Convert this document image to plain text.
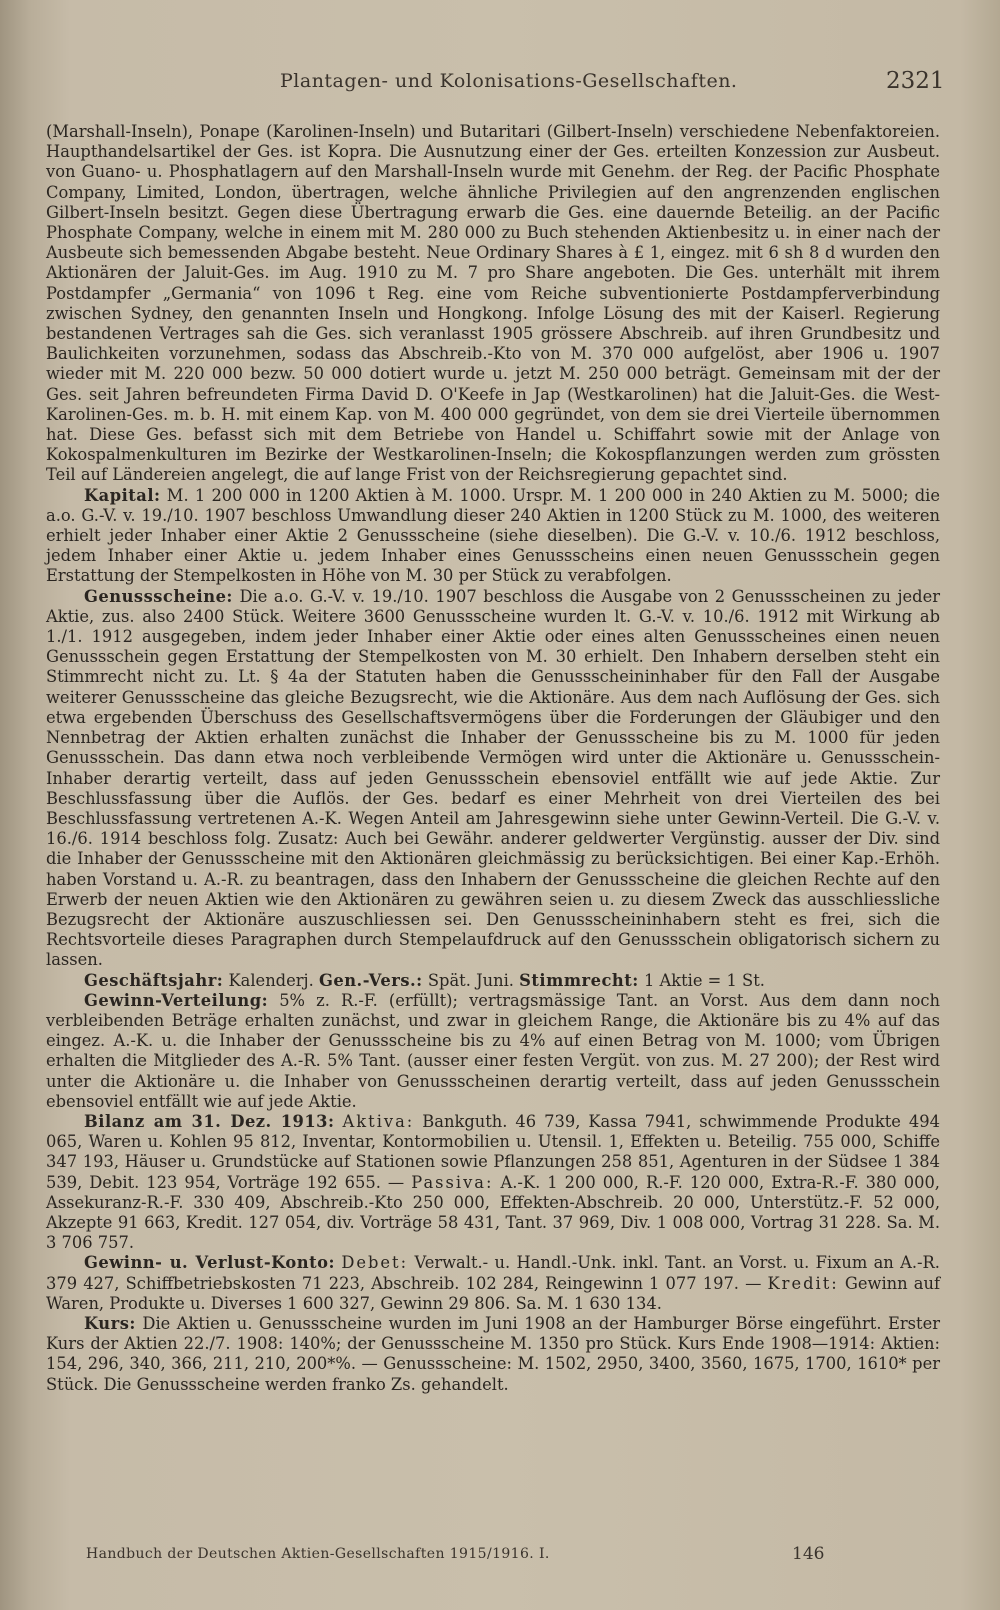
Plantagen- und Kolonisations-Gesellschaften.	2321

(Marshall-Inseln), Ponape (Karolinen-Inseln) und Butaritari (Gilbert-Inseln) verschiedene Nebenfaktoreien. Haupthandelsartikel der Ges. ist Kopra. Die Ausnutzung einer der Ges. erteilten Konzession zur Ausbeut. von Guano- u. Phosphatlagern auf den Marshall-Inseln wurde mit Genehm. der Reg. der Pacific Phosphate Company, Limited, London, übertragen, welche ähnliche Privilegien auf den angrenzenden englischen Gilbert-Inseln besitzt. Gegen diese Übertragung erwarb die Ges. eine dauernde Beteilig. an der Pacific Phosphate Company, welche in einem mit M. 280 000 zu Buch stehenden Aktienbesitz u. in einer nach der Ausbeute sich bemessenden Abgabe besteht. Neue Ordinary Shares à £ 1, eingez. mit 6 sh 8 d wurden den Aktionären der Jaluit-Ges. im Aug. 1910 zu M. 7 pro Share angeboten. Die Ges. unterhält mit ihrem Postdampfer „Germania“ von 1096 t Reg. eine vom Reiche subventionierte Postdampferverbindung zwischen Sydney, den genannten Inseln und Hongkong. Infolge Lösung des mit der Kaiserl. Regierung bestandenen Vertrages sah die Ges. sich veranlasst 1905 grössere Abschreib. auf ihren Grundbesitz und Baulichkeiten vorzunehmen, sodass das Abschreib.-Kto von M. 370 000 aufgelöst, aber 1906 u. 1907 wieder mit M. 220 000 bezw. 50 000 dotiert wurde u. jetzt M. 250 000 beträgt. Gemeinsam mit der der Ges. seit Jahren befreundeten Firma David D. O'Keefe in Jap (Westkarolinen) hat die Jaluit-Ges. die West-Karolinen-Ges. m. b. H. mit einem Kap. von M. 400 000 gegründet, von dem sie drei Vierteile übernommen hat. Diese Ges. befasst sich mit dem Betriebe von Handel u. Schiffahrt sowie mit der Anlage von Kokospalmenkulturen im Bezirke der Westkarolinen-Inseln; die Kokospflanzungen werden zum grössten Teil auf Ländereien angelegt, die auf lange Frist von der Reichsregierung gepachtet sind.

Kapital: M. 1 200 000 in 1200 Aktien à M. 1000. Urspr. M. 1 200 000 in 240 Aktien zu M. 5000; die a.o. G.-V. v. 19./10. 1907 beschloss Umwandlung dieser 240 Aktien in 1200 Stück zu M. 1000, des weiteren erhielt jeder Inhaber einer Aktie 2 Genussscheine (siehe dieselben). Die G.-V. v. 10./6. 1912 beschloss, jedem Inhaber einer Aktie u. jedem Inhaber eines Genussscheins einen neuen Genussschein gegen Erstattung der Stempelkosten in Höhe von M. 30 per Stück zu verabfolgen.

Genussscheine: Die a.o. G.-V. v. 19./10. 1907 beschloss die Ausgabe von 2 Genussscheinen zu jeder Aktie, zus. also 2400 Stück. Weitere 3600 Genussscheine wurden lt. G.-V. v. 10./6. 1912 mit Wirkung ab 1./1. 1912 ausgegeben, indem jeder Inhaber einer Aktie oder eines alten Genussscheines einen neuen Genussschein gegen Erstattung der Stempelkosten von M. 30 erhielt. Den Inhabern derselben steht ein Stimmrecht nicht zu. Lt. § 4a der Statuten haben die Genussscheininhaber für den Fall der Ausgabe weiterer Genussscheine das gleiche Bezugsrecht, wie die Aktionäre. Aus dem nach Auflösung der Ges. sich etwa ergebenden Überschuss des Gesellschaftsvermögens über die Forderungen der Gläubiger und den Nennbetrag der Aktien erhalten zunächst die Inhaber der Genussscheine bis zu M. 1000 für jeden Genussschein. Das dann etwa noch verbleibende Vermögen wird unter die Aktionäre u. Genussschein-Inhaber derartig verteilt, dass auf jeden Genussschein ebensoviel entfällt wie auf jede Aktie. Zur Beschlussfassung über die Auflös. der Ges. bedarf es einer Mehrheit von drei Vierteilen des bei Beschlussfassung vertretenen A.-K. Wegen Anteil am Jahresgewinn siehe unter Gewinn-Verteil. Die G.-V. v. 16./6. 1914 beschloss folg. Zusatz: Auch bei Gewähr. anderer geldwerter Vergünstig. ausser der Div. sind die Inhaber der Genussscheine mit den Aktionären gleichmässig zu berücksichtigen. Bei einer Kap.-Erhöh. haben Vorstand u. A.-R. zu beantragen, dass den Inhabern der Genussscheine die gleichen Rechte auf den Erwerb der neuen Aktien wie den Aktionären zu gewähren seien u. zu diesem Zweck das ausschliessliche Bezugsrecht der Aktionäre auszuschliessen sei. Den Genussscheininhabern steht es frei, sich die Rechtsvorteile dieses Paragraphen durch Stempelaufdruck auf den Genussschein obligatorisch sichern zu lassen.

Geschäftsjahr: Kalenderj. Gen.-Vers.: Spät. Juni. Stimmrecht: 1 Aktie = 1 St.

Gewinn-Verteilung: 5% z. R.-F. (erfüllt); vertragsmässige Tant. an Vorst. Aus dem dann noch verbleibenden Beträge erhalten zunächst, und zwar in gleichem Range, die Aktionäre bis zu 4% auf das eingez. A.-K. u. die Inhaber der Genussscheine bis zu 4% auf einen Betrag von M. 1000; vom Übrigen erhalten die Mitglieder des A.-R. 5% Tant. (ausser einer festen Vergüt. von zus. M. 27 200); der Rest wird unter die Aktionäre u. die Inhaber von Genussscheinen derartig verteilt, dass auf jeden Genussschein ebensoviel entfällt wie auf jede Aktie.

Bilanz am 31. Dez. 1913: Aktiva: Bankguth. 46 739, Kassa 7941, schwimmende Produkte 494 065, Waren u. Kohlen 95 812, Inventar, Kontormobilien u. Utensil. 1, Effekten u. Beteilig. 755 000, Schiffe 347 193, Häuser u. Grundstücke auf Stationen sowie Pflanzungen 258 851, Agenturen in der Südsee 1 384 539, Debit. 123 954, Vorträge 192 655. — Passiva: A.-K. 1 200 000, R.-F. 120 000, Extra-R.-F. 380 000, Assekuranz-R.-F. 330 409, Abschreib.-Kto 250 000, Effekten-Abschreib. 20 000, Unterstütz.-F. 52 000, Akzepte 91 663, Kredit. 127 054, div. Vorträge 58 431, Tant. 37 969, Div. 1 008 000, Vortrag 31 228. Sa. M. 3 706 757.

Gewinn- u. Verlust-Konto: Debet: Verwalt.- u. Handl.-Unk. inkl. Tant. an Vorst. u. Fixum an A.-R. 379 427, Schiffbetriebskosten 71 223, Abschreib. 102 284, Reingewinn 1 077 197. — Kredit: Gewinn auf Waren, Produkte u. Diverses 1 600 327, Gewinn 29 806. Sa. M. 1 630 134.

Kurs: Die Aktien u. Genussscheine wurden im Juni 1908 an der Hamburger Börse eingeführt. Erster Kurs der Aktien 22./7. 1908: 140%; der Genussscheine M. 1350 pro Stück. Kurs Ende 1908—1914: Aktien: 154, 296, 340, 366, 211, 210, 200*%. — Genussscheine: M. 1502, 2950, 3400, 3560, 1675, 1700, 1610* per Stück. Die Genussscheine werden franko Zs. gehandelt.

Handbuch der Deutschen Aktien-Gesellschaften 1915/1916. I.	146
